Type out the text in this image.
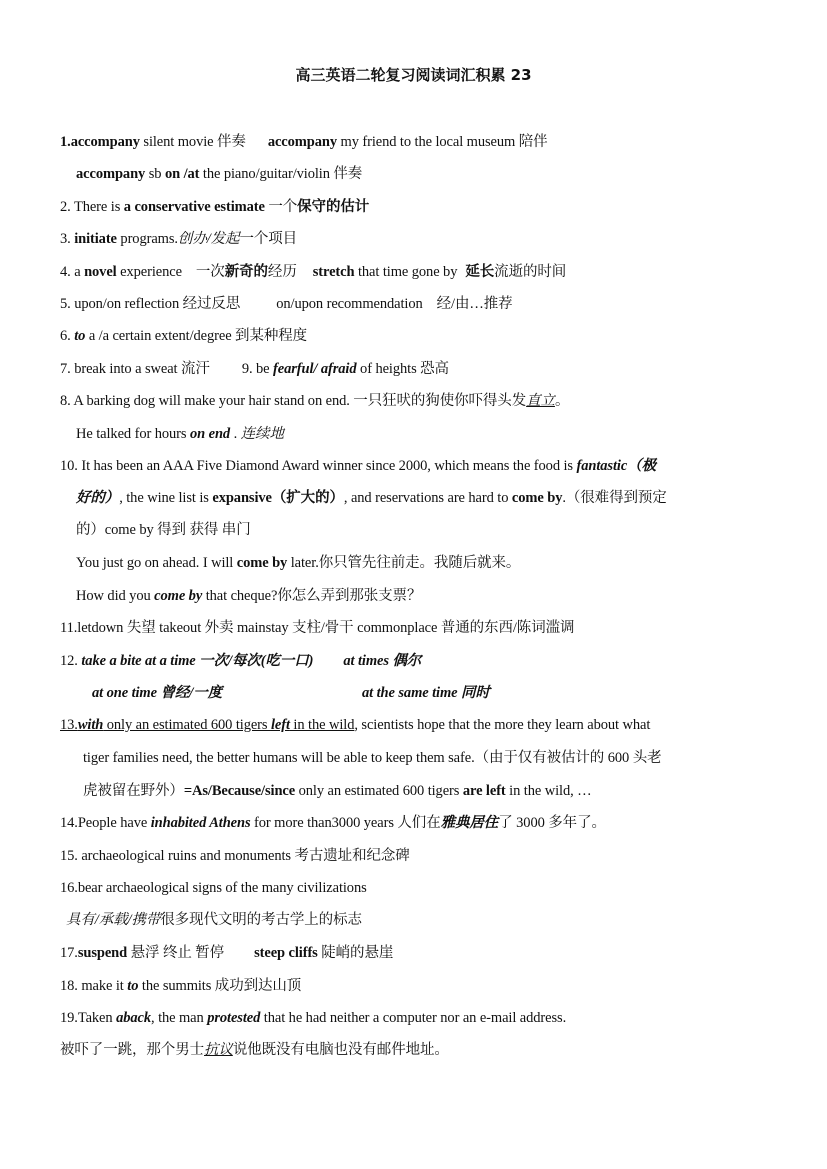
高三英语二轮复习阅读词汇积累 23
1.accompany silent movie 伴奏 accompany my friend to the local museum 陪伴
accompany sb on /at the piano/guitar/violin 伴奏
2. There is a conservative estimate 一个保守的估计
3. initiate programs.创办/发起一个项目
4. a novel experience 一次新奇的经历 stretch that time gone by 延长流逝的时间
5. upon/on reflection 经过反思 on/upon recommendation 经/由…推荐
6. to a /a certain extent/degree 到某种程度
7. break into a sweat 流汗 9. be fearful/ afraid of heights 恐高
8. A barking dog will make your hair stand on end. 一只狂吠的狗使你吓得头发直立。
He talked for hours on end . 连续地
10. It has been an AAA Five Diamond Award winner since 2000, which means the food is fantastic（极
好的）, the wine list is expansive（扩大的）, and reservations are hard to come by.（很难得到预定
的）come by 得到 获得 串门
You just go on ahead. I will come by later.你只管先往前走。我随后就来。
How did you come by that cheque?你怎么弄到那张支票？
11.letdown 失望 takeout 外卖 mainstay 支柱/骨干 commonplace 普通的东西/陈词滥调
12. take a bite at a time 一次/每次(吃一口) at times 偶尔
at one time 曾经/一度	at the same time 同时
13.with only an estimated 600 tigers left in the wild, scientists hope that the more they learn about what
tiger families need, the better humans will be able to keep them safe.（由于仅有被估计的 600 头老
虎被留在野外）=As/Because/since only an estimated 600 tigers are left in the wild, …
14.People have inhabited Athens for more than3000 years 人们在雅典居住了 3000 多年了。
15. archaeological ruins and monuments 考古遗址和纪念碑
16.bear archaeological signs of the many civilizations
具有/承载/携带很多现代文明的考古学上的标志
17.suspend 悬浮 终止 暂停 steep cliffs 陡峭的悬崖
18. make it to the summits 成功到达山顶
19.Taken aback, the man protested that he had neither a computer nor an e-mail address.
被吓了一跳，那个男士抗议说他既没有电脑也没有邮件地址。
